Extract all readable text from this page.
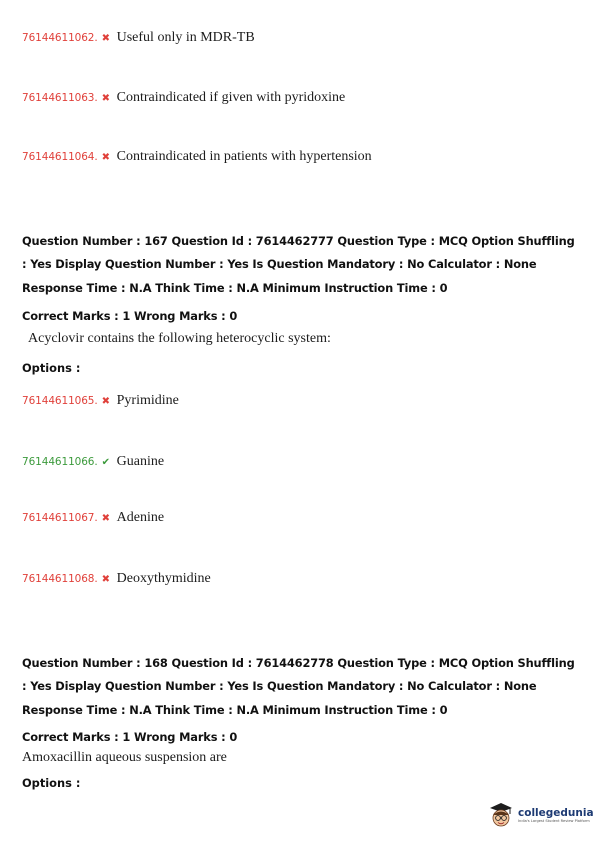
76144611062. ✖ Useful only in MDR-TB
76144611063. ✖ Contraindicated if given with pyridoxine
76144611064. ✖ Contraindicated in patients with hypertension
Question Number : 167 Question Id : 7614462777 Question Type : MCQ Option Shuffling : Yes Display Question Number : Yes Is Question Mandatory : No Calculator : None Response Time : N.A Think Time : N.A Minimum Instruction Time : 0
Correct Marks : 1 Wrong Marks : 0
Acyclovir contains the following heterocyclic system:
Options :
76144611065. ✖ Pyrimidine
76144611066. ✔ Guanine
76144611067. ✖ Adenine
76144611068. ✖ Deoxythymidine
Question Number : 168 Question Id : 7614462778 Question Type : MCQ Option Shuffling : Yes Display Question Number : Yes Is Question Mandatory : No Calculator : None Response Time : N.A Think Time : N.A Minimum Instruction Time : 0
Correct Marks : 1 Wrong Marks : 0
Amoxacillin aqueous suspension are
Options :
collegedunia
India's Largest Student Review Platform
